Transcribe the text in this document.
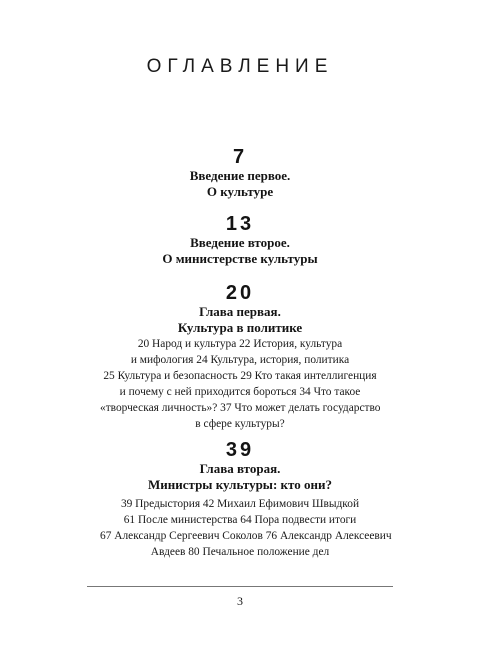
ОГЛАВЛЕНИЕ
7
Введение первое.
О культуре
13
Введение второе.
О министерстве культуры
20
Глава первая.
Культура в политике
20 Народ и культура 22 История, культура
и мифология 24 Культура, история, политика
25 Культура и безопасность 29 Кто такая интеллигенция
и почему с ней приходится бороться 34 Что такое
«творческая личность»? 37 Что может делать государство
в сфере культуры?
39
Глава вторая.
Министры культуры: кто они?
39 Предыстория 42 Михаил Ефимович Швыдкой
61 После министерства 64 Пора подвести итоги
67 Александр Сергеевич Соколов 76 Александр Алексеевич
Авдеев 80 Печальное положение дел
3
